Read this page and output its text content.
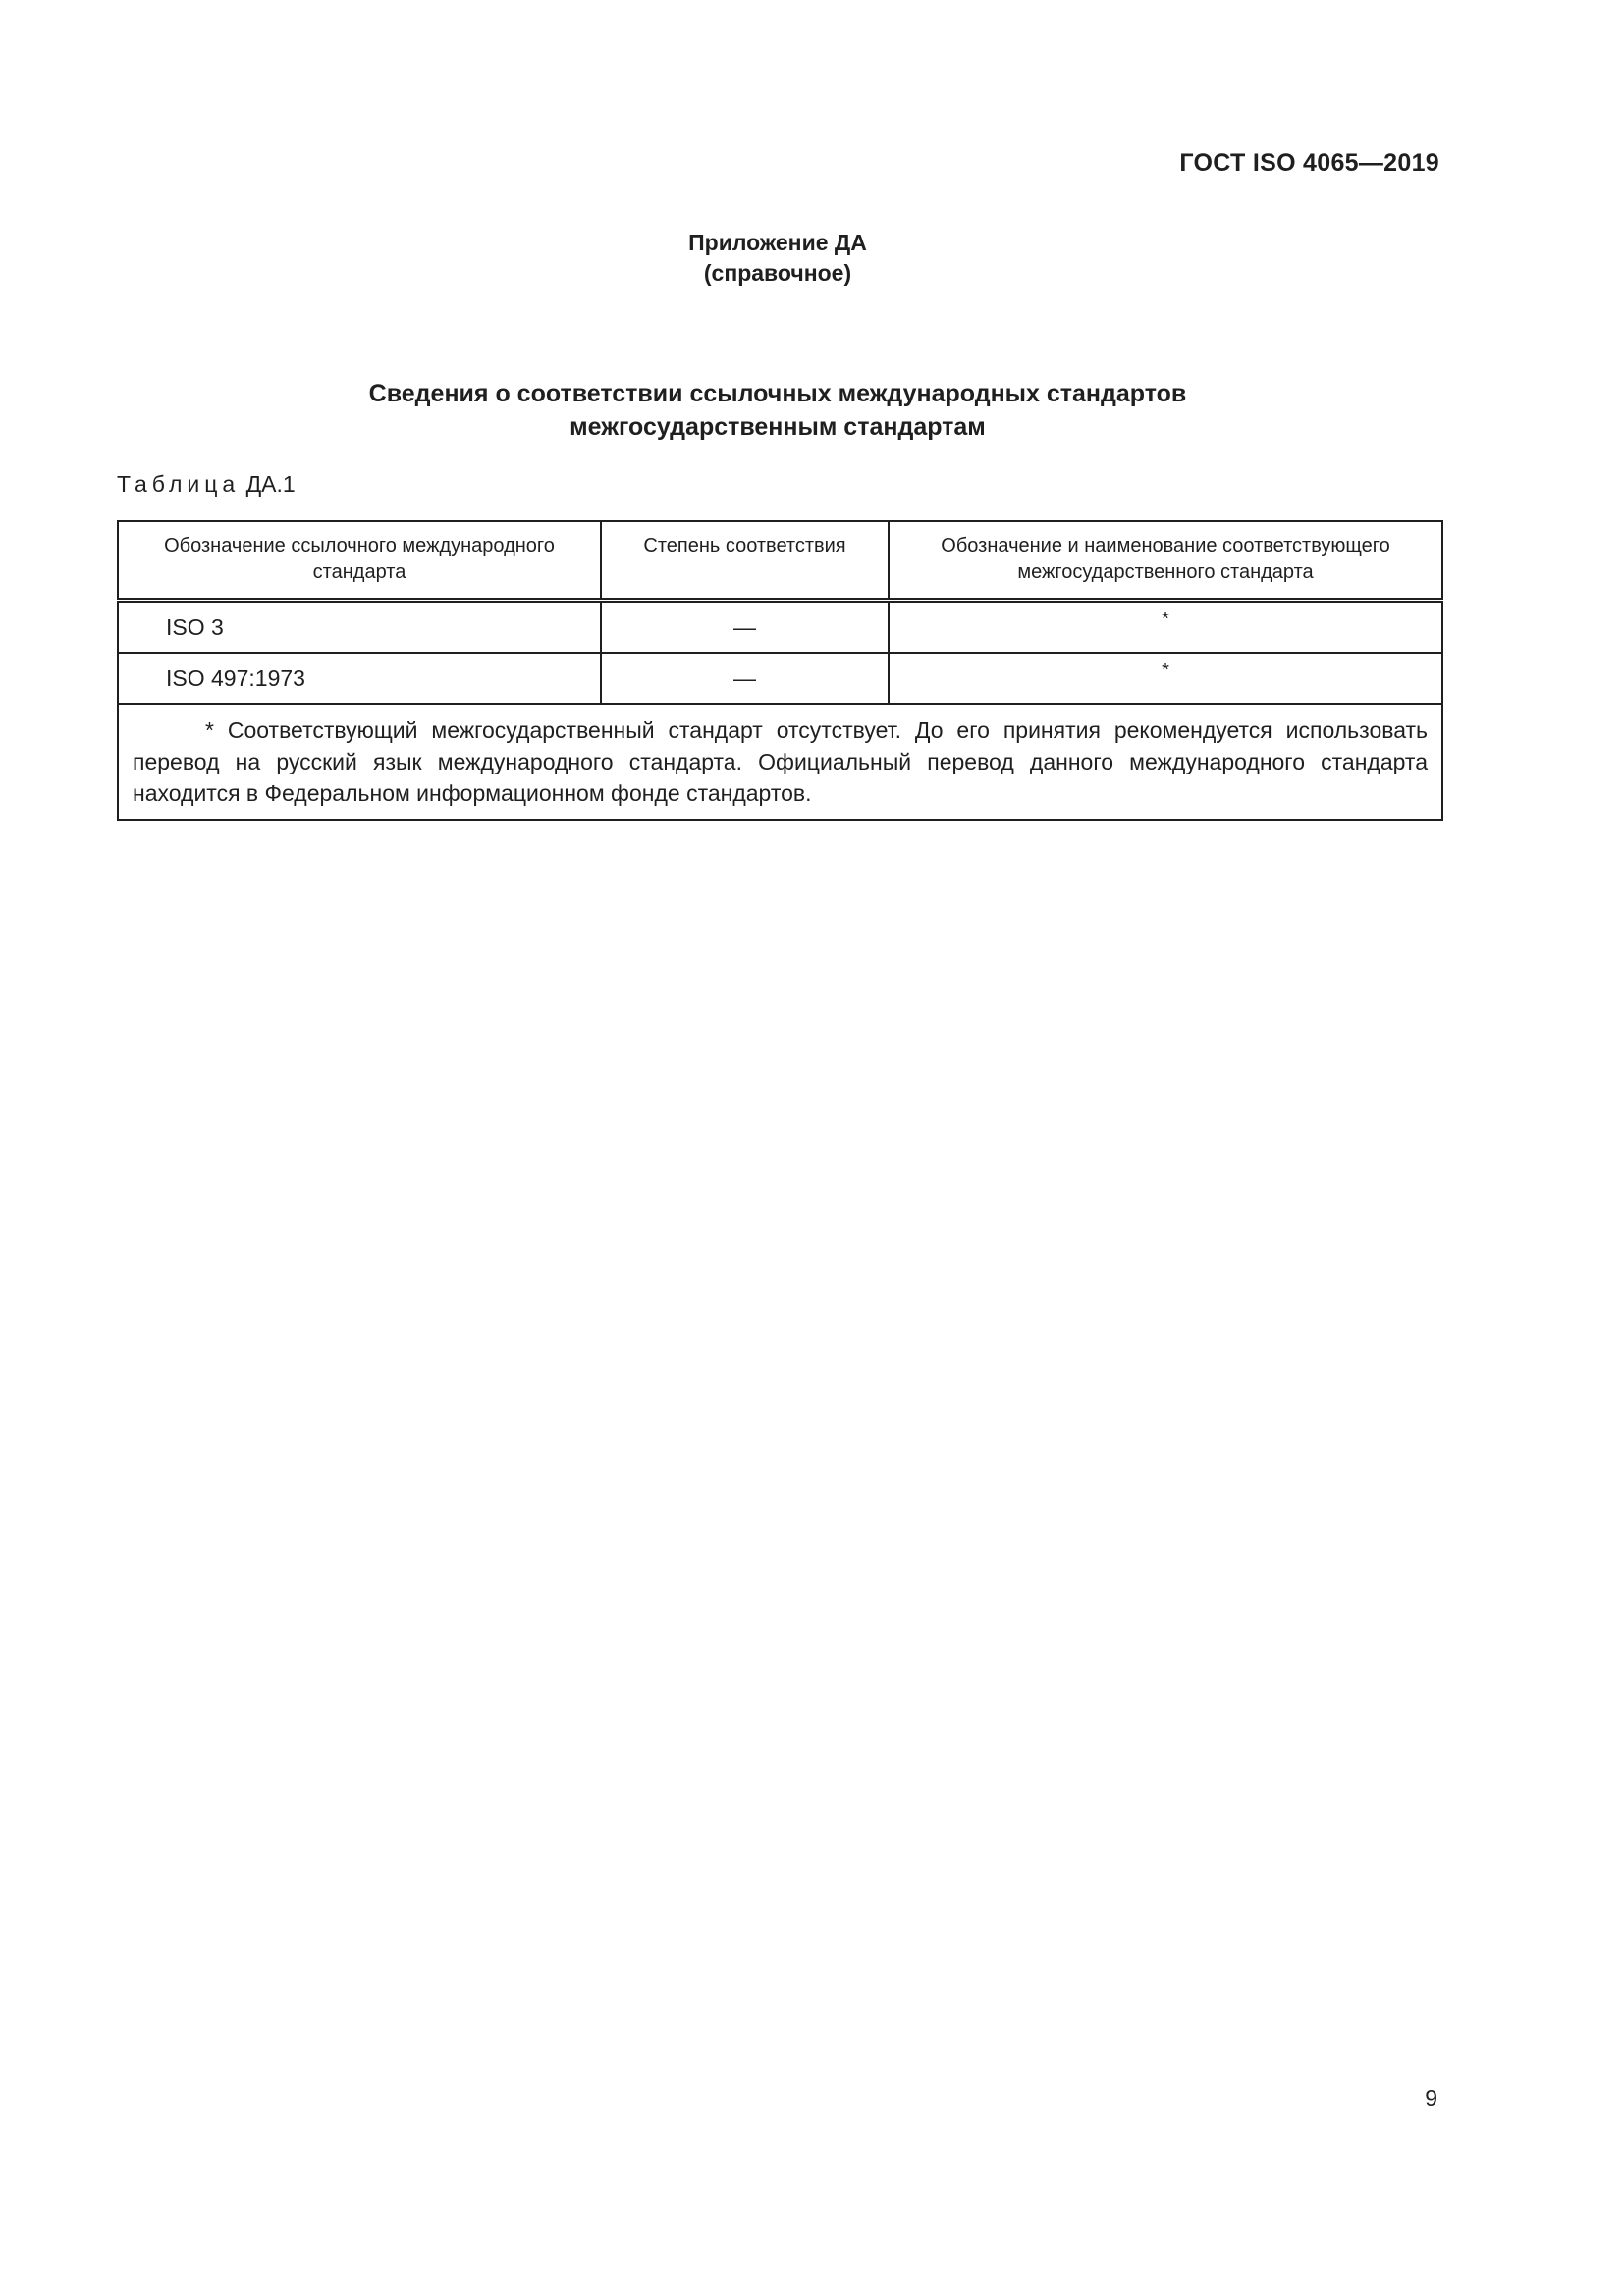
ГОСТ ISO 4065—2019
Приложение ДА
(справочное)
Сведения о соответствии ссылочных международных стандартов
межгосударственным стандартам
Таблица ДА.1
Обозначение ссылочного международного стандарта	Степень соответствия	Обозначение и наименование соответствующего межгосударственного стандарта
ISO 3	—	*
ISO 497:1973	—	*
* Соответствующий межгосударственный стандарт отсутствует. До его принятия рекомендуется использовать перевод на русский язык международного стандарта. Официальный перевод данного международного стандарта находится в Федеральном информационном фонде стандартов.		
9
